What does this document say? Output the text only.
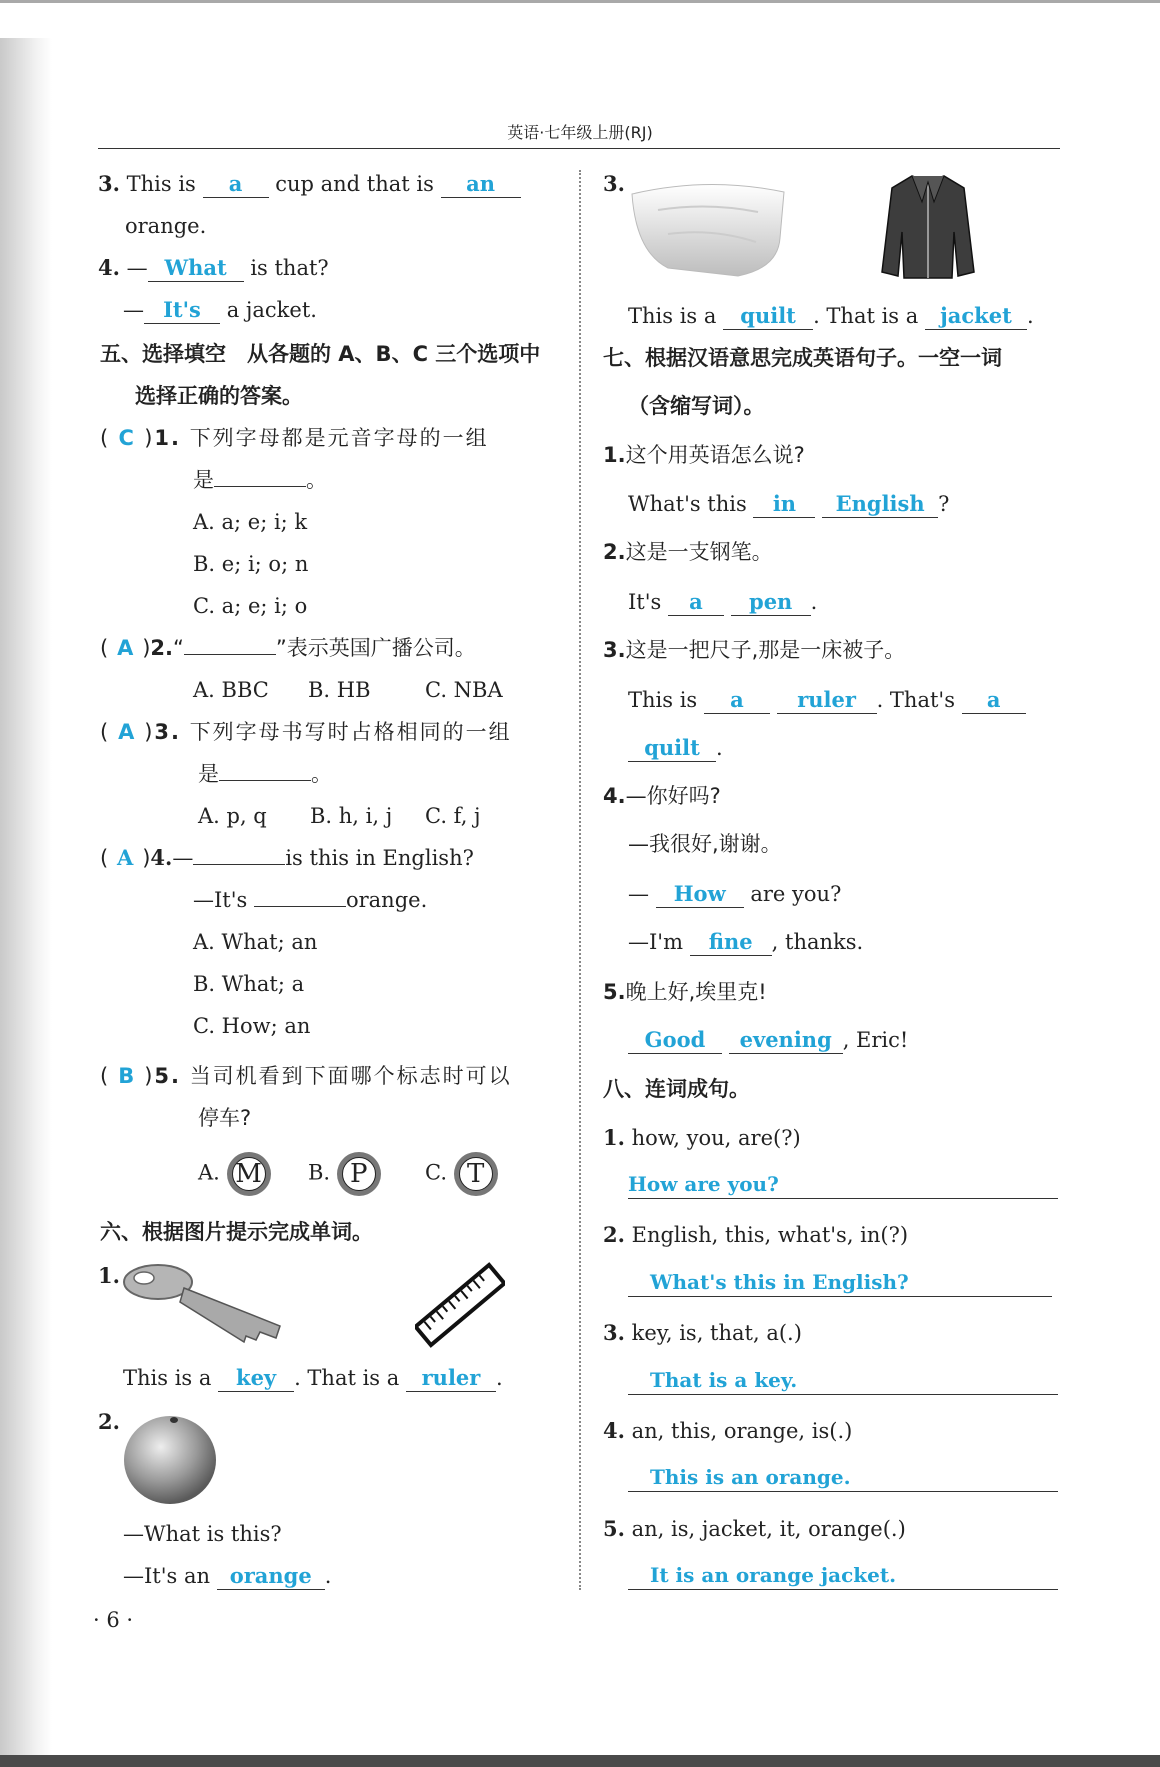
英语·七年级上册(RJ)
3. This is a cup and that is an
orange.
4. — What is that?
— It's a jacket.
五、选择填空　从各题的 A、B、C 三个选项中
选择正确的答案。
( C )1. 下列字母都是元音字母的一组
是	。
A. a; e; i; k
B. e; i; o; n
C. a; e; i; o
( A )2.“	”表示英国广播公司。
A. BBC B. HB	C. NBA
( A )3. 下列字母书写时占格相同的一组
是	。
A. p, q B. h, i, j C. f, j
( A )4.—	is this in English?
—It's	orange.
A. What; an
B. What; a
C. How; an
( B )5. 当司机看到下面哪个标志时可以
停车?
A. M B. P	C. T
六、根据图片提示完成单词。
1.
This is a key . That is a ruler .
2.
—What is this?
—It's an orange .
· 6 ·
3.
This is a quilt . That is a jacket .
七、根据汉语意思完成英语句子。一空一词
（含缩写词）。
1.这个用英语怎么说?
What's this in English ?
2.这是一支钢笔。
It's a pen .
3.这是一把尺子,那是一床被子。
This is a	ruler . That's a
quilt .
4.—你好吗?
—我很好,谢谢。
— How are you?
—I'm fine , thanks.
5.晚上好,埃里克!
Good evening , Eric!
八、连词成句。
1. how, you, are(?)
How are you?
2. English, this, what's, in(?)
What's this in English?
3. key, is, that, a(.)
That is a key.
4. an, this, orange, is(.)
This is an orange.
5. an, is, jacket, it, orange(.)
It is an orange jacket.
